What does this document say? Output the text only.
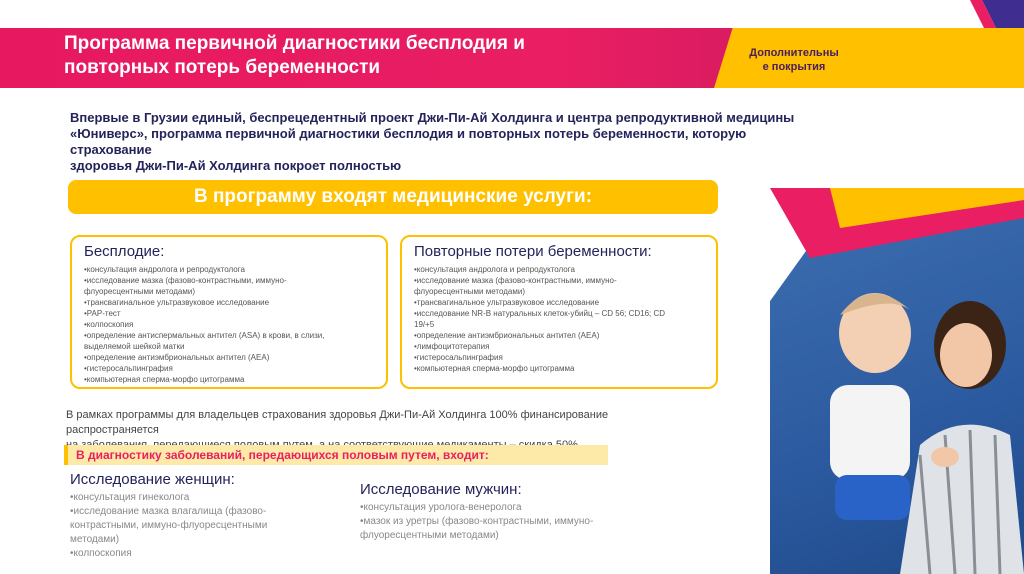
Программа первичной диагностики бесплодия и
повторных потерь беременности
Дополнительны
е покрытия
Впервые в Грузии единый, беспрецедентный проект Джи-Пи-Ай Холдинга и центра репродуктивной медицины
«Юниверс», программа первичной диагностики бесплодия и повторных потерь беременности, которую страхование
здоровья Джи-Пи-Ай Холдинга покроет полностью
В программу входят медицинские услуги:
Бесплодие:
•консультация андролога и репродуктолога
•исследование мазка (фазово-контрастными, иммуно-
флуоресцентными методами)
•трансвагинальное ультразвуковое исследование
•PAP-тест
•колпоскопия
•определение антиспермальных антител (ASA) в крови, в слизи,
выделяемой шейкой матки
•определение антиэмбриональных антител (AEA)
•гистеросальпинграфия
•компьютерная сперма-морфо цитограмма
Повторные потери беременности:
•консультация андролога и репродуктолога
•исследование мазка (фазово-контрастными, иммуно-
флуоресцентными методами)
•трансвагинальное ультразвуковое исследование
•исследование NR-B натуральных клеток-убийц – CD 56; CD16; CD
19/+5
•определение антиэмбриональных антител (AEA)
•лимфоцитотерапия
•гистеросальпинграфия
•компьютерная сперма-морфо цитограмма
В рамках программы для владельцев страхования здоровья Джи-Пи-Ай Холдинга 100% финансирование распространяется
В диагностику заболеваний, передающихся половым путем, входит:
Исследование женщин:
•консультация гинеколога
•исследование мазка влагалища (фазово-
контрастными, иммуно-флуоресцентными
методами)
•колпоскопия
Исследование мужчин:
•консультация уролога-венеролога
•мазок из уретры (фазово-контрастными, иммуно-
флуоресцентными методами)
